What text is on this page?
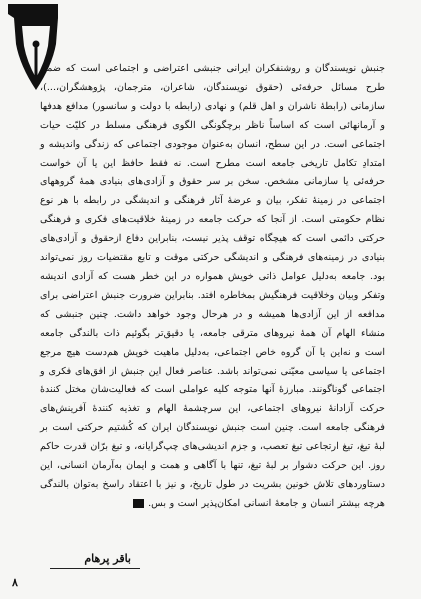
جنبش نویسندگان و روشنفکران ایرانی جنبشی اعتراضی و اجتماعی است که ضمن طرح مسائل حرفه‌ئی (حقوق نویسندگان، شاعران، مترجمان، پژوهشگران،...)، سازمانی (رابطهٔ ناشران و اهل قلم) و نهادی (رابطه با دولت و سانسور) مدافع هدفها و آرمانهائی است که اساساً ناظر برچگونگی الگوی فرهنگی مسلط در کلیّت حیات اجتماعی است. در این سطح، انسان به‌عنوان موجودی اجتماعی که زندگی واندیشه و امتدادِ تکامل تاریخی جامعه است مطرح است. نه فقط حافظ این یا آن خواست حرفه‌ئی یا سازمانی مشخص. سخن بر سر حقوق و آزادی‌های بنیادی همهٔ گروههای اجتماعی در زمینهٔ تفکر، بیان و عرضهٔ آثار فرهنگی و اندیشگی در رابطه با هر نوع نظام حکومتی است. از آنجا که حرکت جامعه در زمینهٔ خلاقیت‌های فکری و فرهنگی حرکتی دائمی است که هیچگاه توقف پذیر نیست، بنابراین دفاع ازحقوق و آزادی‌های بنیادی در زمینه‌های فرهنگی و اندیشگی حرکتی موقت و تابع مقتضیات روز نمی‌تواند بود. جامعه به‌دلیل عوامل ذاتی خویش همواره در این خطر هست که آزادی اندیشه وتفکر وبیان وخلاقیت فرهنگیش بمخاطره افتد. بنابراین ضرورت جنبش اعتراضی برای مدافعه از این آزادی‌ها همیشه و در هرحال وجود خواهد داشت. چنین جنبشی که منشاء الهام آن همهٔ نیروهای مترقی جامعه، یا دقیق‌تر بگوئیم ذات بالندگی جامعه است و نه‌این یا آن گروه خاص اجتماعی، به‌دلیل ماهیت خویش هم‌دست هیچ مرجع اجتماعی یا سیاسی معیّنی نمی‌تواند باشد. عناصر فعال این جنبش از افق‌های فکری و اجتماعی گوناگونند. مبارزهٔ آنها متوجه کلیه عواملی است که فعالیت‌شان مختل کنندهٔ حرکت آزادانهٔ نیروهای اجتماعی، این سرچشمهٔ الهام و تغذیه کنندهٔ آفرینش‌های فرهنگی جامعه است. چنین است جنبش نویسندگان ایران که کُشتیم حرکتی است بر لبهٔ تیغ، تیغ ارتجاعی تیغ تعصب، و جزم اندیشی‌های چپ‌گرایانه، و تیغ برّان قدرت حاکم روز. این حرکت دشوار بر لبهٔ تیغ، تنها با آگاهی و همت و ایمان به‌آرمان انسانی، این دستاوردهای تلاش خونین بشریت در طول تاریخ، و نیز با اعتقاد راسخ به‌توان بالندگی هرچه بیشتر انسان و جامعهٔ انسانی امکان‌پذیر است و بس.

باقر پرهام
۸
